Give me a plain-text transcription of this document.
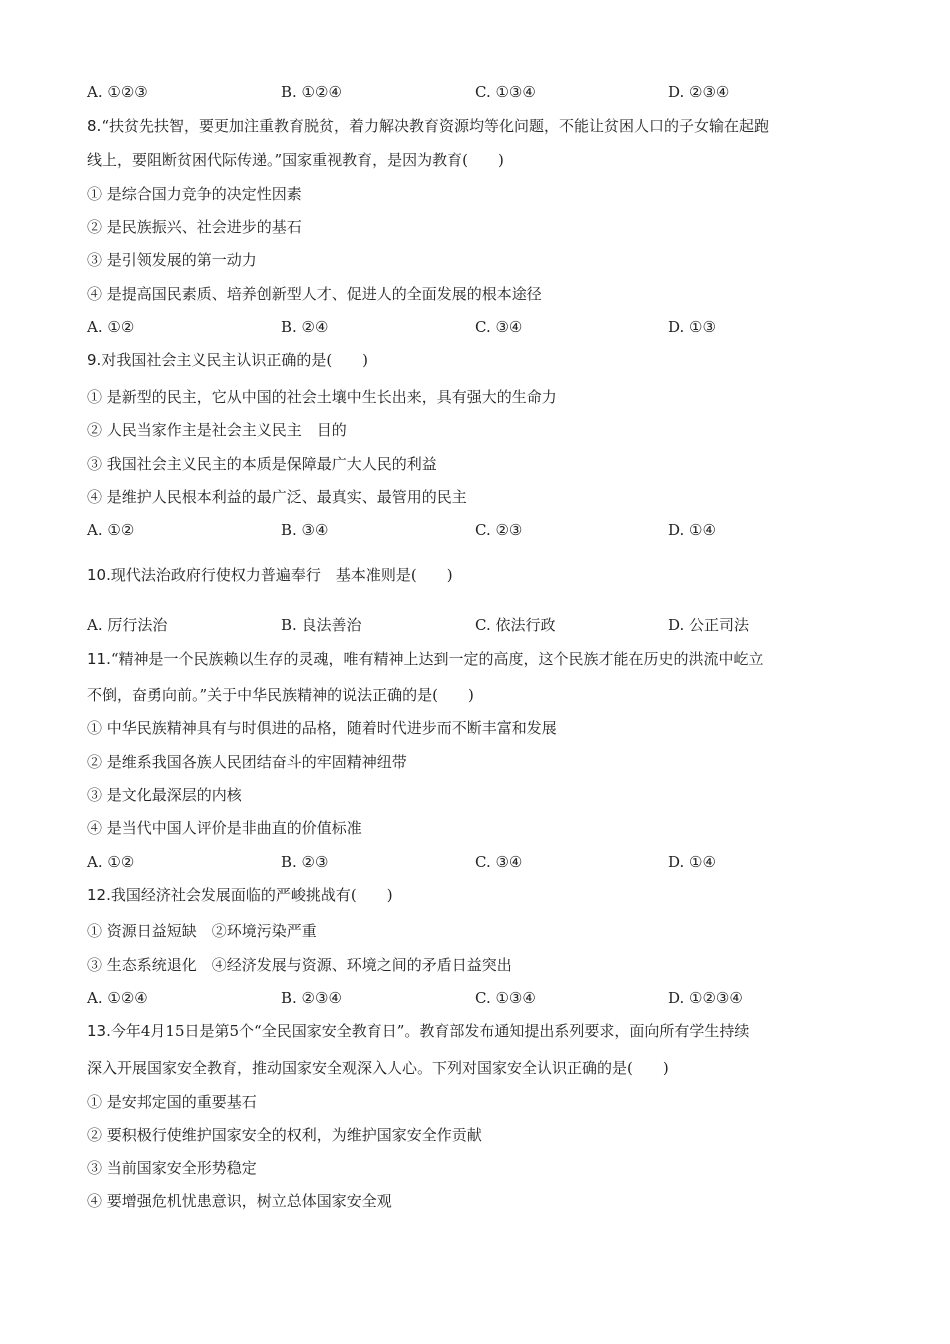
A. ①②③	B. ①②④	C. ①③④	D. ②③④
8.“扶贫先扶智，要更加注重教育脱贫，着力解决教育资源均等化问题，不能让贫困人口的子女输在起跑
线上，要阻断贫困代际传递。”国家重视教育，是因为教育(　　)
① 是综合国力竞争的决定性因素
② 是民族振兴、社会进步的基石
③ 是引领发展的第一动力
④ 是提高国民素质、培养创新型人才、促进人的全面发展的根本途径
A. ①②	B. ②④	C. ③④	D. ①③
9.对我国社会主义民主认识正确的是(　　)
① 是新型的民主，它从中国的社会土壤中生长出来，具有强大的生命力
② 人民当家作主是社会主义民主　目的
③ 我国社会主义民主的本质是保障最广大人民的利益
④ 是维护人民根本利益的最广泛、最真实、最管用的民主
A. ①②	B. ③④	C. ②③	D. ①④
10.现代法治政府行使权力普遍奉行　基本准则是(　　)
A. 厉行法治	B. 良法善治	C. 依法行政	D. 公正司法
11.“精神是一个民族赖以生存的灵魂，唯有精神上达到一定的高度，这个民族才能在历史的洪流中屹立
不倒，奋勇向前。”关于中华民族精神的说法正确的是(　　)
① 中华民族精神具有与时俱进的品格，随着时代进步而不断丰富和发展
② 是维系我国各族人民团结奋斗的牢固精神纽带
③ 是文化最深层的内核
④ 是当代中国人评价是非曲直的价值标准
A. ①②	B. ②③	C. ③④	D. ①④
12.我国经济社会发展面临的严峻挑战有(　　)
① 资源日益短缺　②环境污染严重
③ 生态系统退化　④经济发展与资源、环境之间的矛盾日益突出
A. ①②④	B. ②③④	C. ①③④	D. ①②③④
13.今年4月15日是第5个“全民国家安全教育日”。教育部发布通知提出系列要求，面向所有学生持续
深入开展国家安全教育，推动国家安全观深入人心。下列对国家安全认识正确的是(　　)
① 是安邦定国的重要基石
② 要积极行使维护国家安全的权利，为维护国家安全作贡献
③ 当前国家安全形势稳定
④ 要增强危机忧患意识，树立总体国家安全观
